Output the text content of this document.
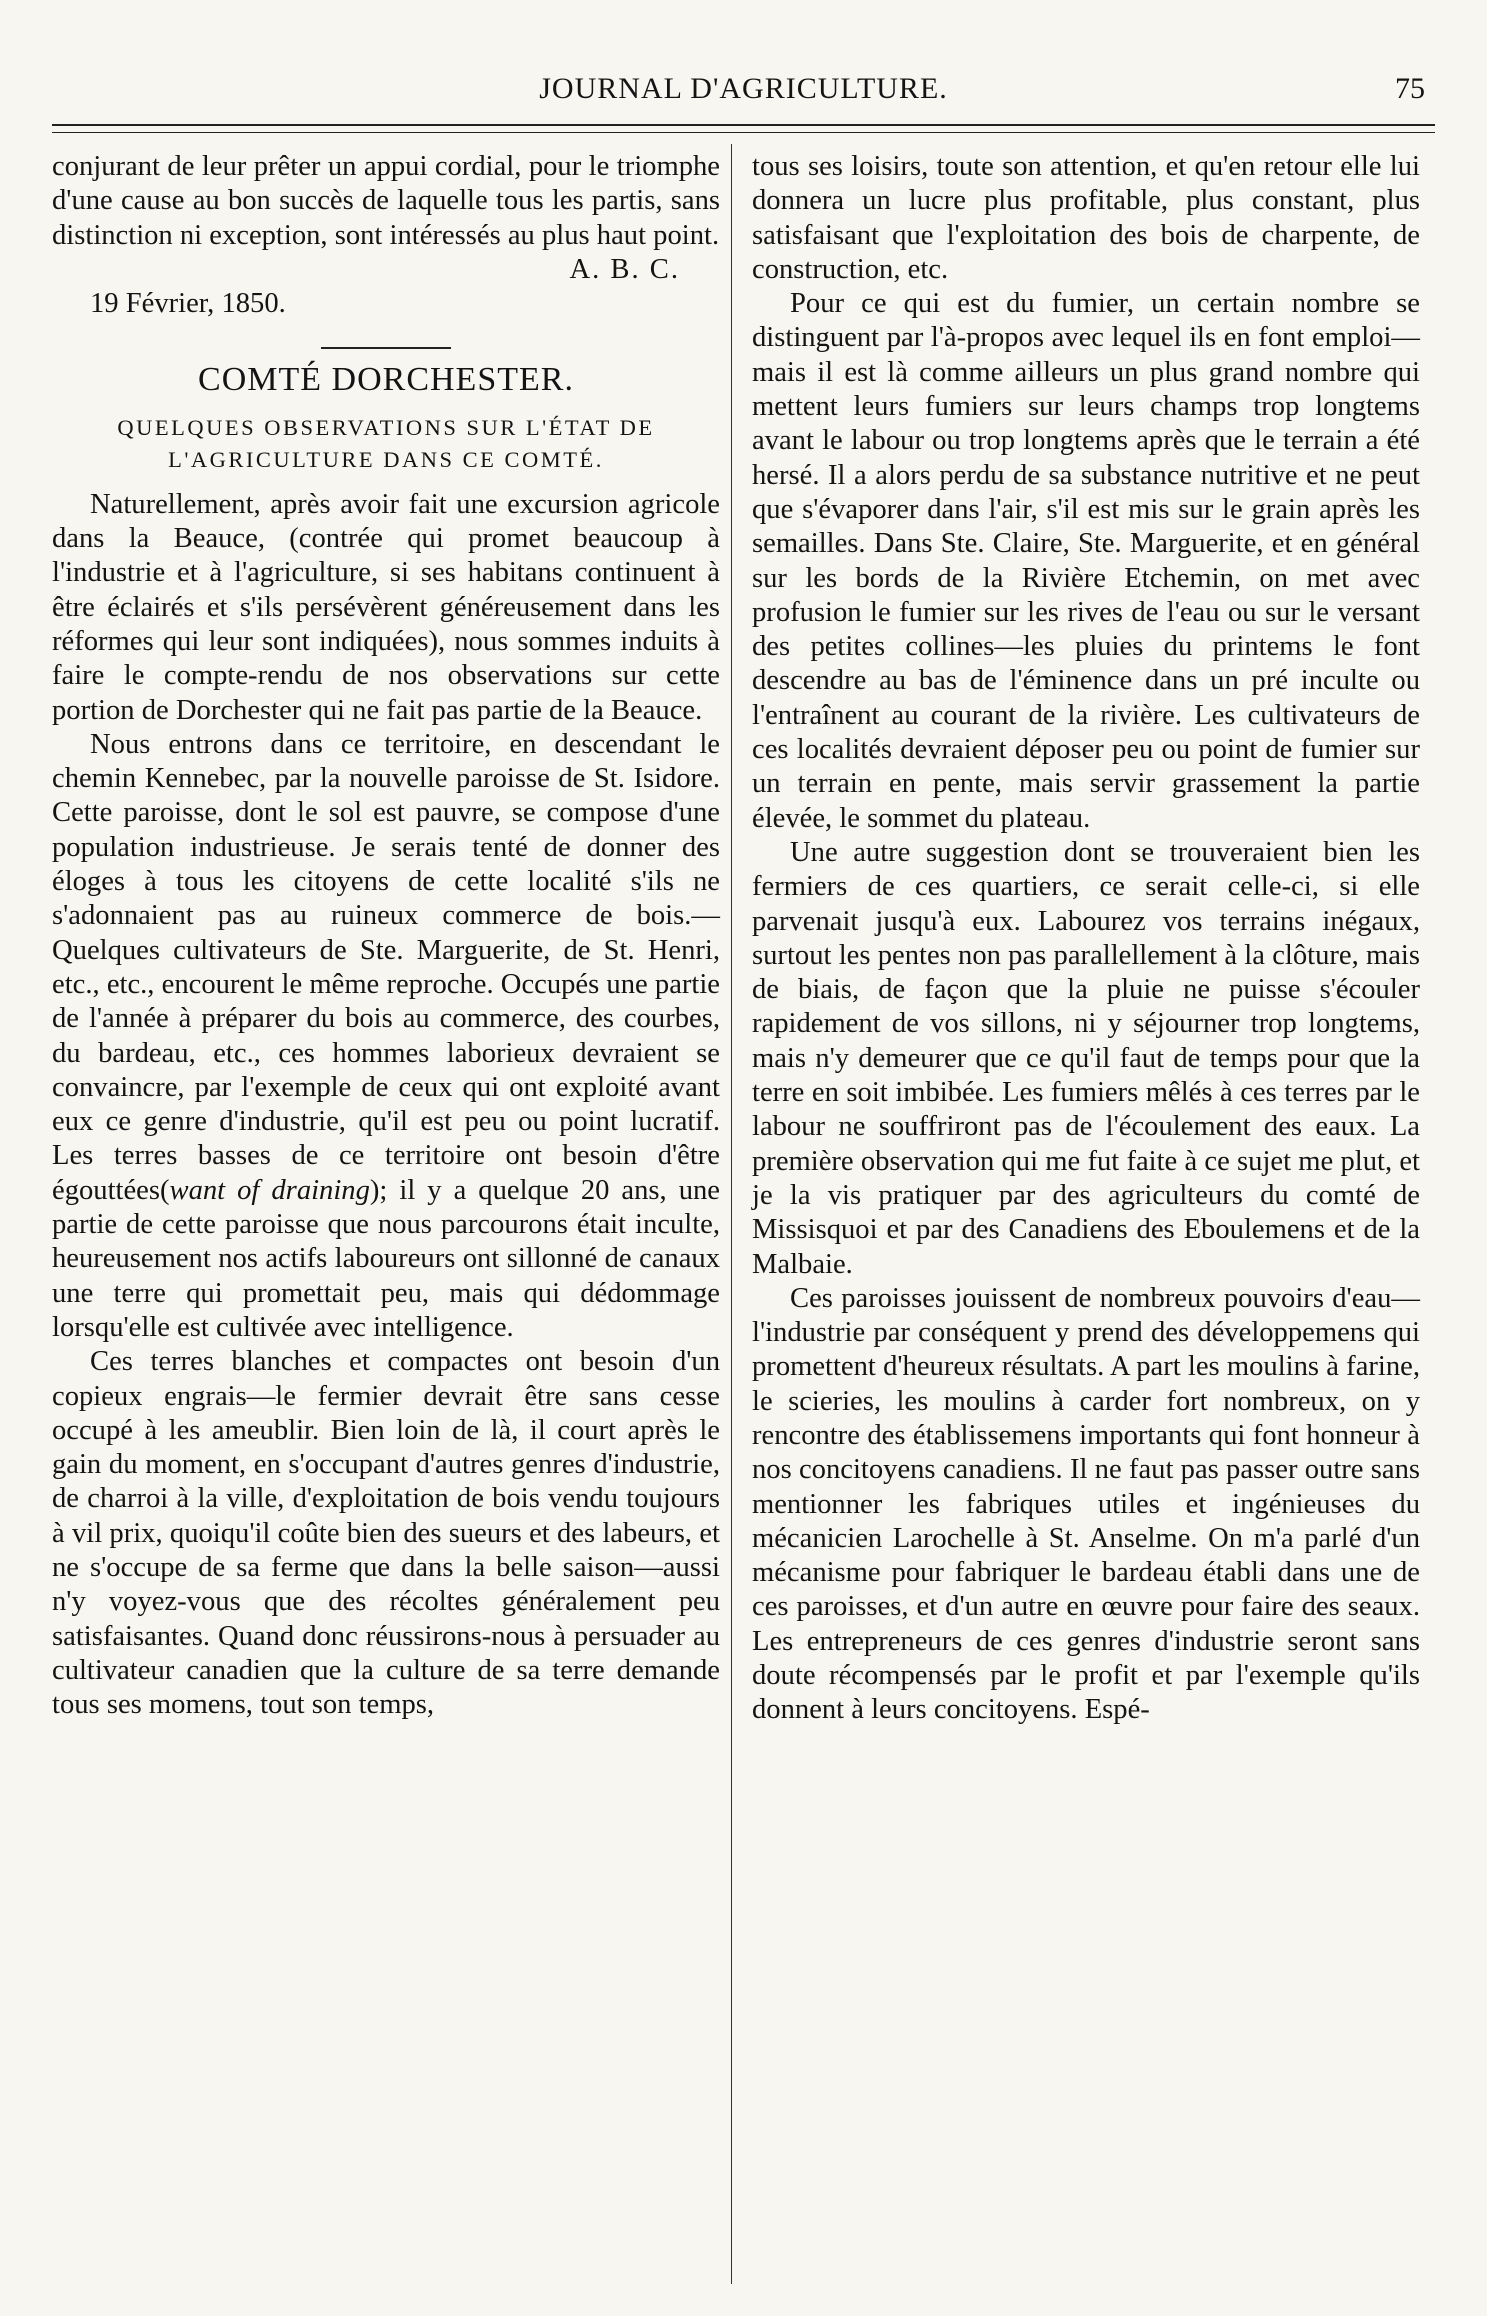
JOURNAL D'AGRICULTURE.	75

conjurant de leur prêter un appui cordial, pour le triomphe d'une cause au bon succès de laquelle tous les partis, sans distinction ni exception, sont intéressés au plus haut point.

A. B. C.

19 Février, 1850.

COMTÉ DORCHESTER.
QUELQUES OBSERVATIONS SUR L'ÉTAT DE
L'AGRICULTURE DANS CE COMTÉ.

Naturellement, après avoir fait une excursion agricole dans la Beauce, (contrée qui promet beaucoup à l'industrie et à l'agriculture, si ses habitans continuent à être éclairés et s'ils persévèrent généreusement dans les réformes qui leur sont indiquées), nous sommes induits à faire le compte-rendu de nos observations sur cette portion de Dorchester qui ne fait pas partie de la Beauce.

Nous entrons dans ce territoire, en descendant le chemin Kennebec, par la nouvelle paroisse de St. Isidore. Cette paroisse, dont le sol est pauvre, se compose d'une population industrieuse. Je serais tenté de donner des éloges à tous les citoyens de cette localité s'ils ne s'adonnaient pas au ruineux commerce de bois.—Quelques cultivateurs de Ste. Marguerite, de St. Henri, etc., etc., encourent le même reproche. Occupés une partie de l'année à préparer du bois au commerce, des courbes, du bardeau, etc., ces hommes laborieux devraient se convaincre, par l'exemple de ceux qui ont exploité avant eux ce genre d'industrie, qu'il est peu ou point lucratif. Les terres basses de ce territoire ont besoin d'être égouttées(want of draining); il y a quelque 20 ans, une partie de cette paroisse que nous parcourons était inculte, heureusement nos actifs laboureurs ont sillonné de canaux une terre qui promettait peu, mais qui dédommage lorsqu'elle est cultivée avec intelligence.

Ces terres blanches et compactes ont besoin d'un copieux engrais—le fermier devrait être sans cesse occupé à les ameublir. Bien loin de là, il court après le gain du moment, en s'occupant d'autres genres d'industrie, de charroi à la ville, d'exploitation de bois vendu toujours à vil prix, quoiqu'il coûte bien des sueurs et des labeurs, et ne s'occupe de sa ferme que dans la belle saison—aussi n'y voyez-vous que des récoltes généralement peu satisfaisantes. Quand donc réussirons-nous à persuader au cultivateur canadien que la culture de sa terre demande tous ses momens, tout son temps,

tous ses loisirs, toute son attention, et qu'en retour elle lui donnera un lucre plus profitable, plus constant, plus satisfaisant que l'exploitation des bois de charpente, de construction, etc.

Pour ce qui est du fumier, un certain nombre se distinguent par l'à-propos avec lequel ils en font emploi—mais il est là comme ailleurs un plus grand nombre qui mettent leurs fumiers sur leurs champs trop longtems avant le labour ou trop longtems après que le terrain a été hersé. Il a alors perdu de sa substance nutritive et ne peut que s'évaporer dans l'air, s'il est mis sur le grain après les semailles. Dans Ste. Claire, Ste. Marguerite, et en général sur les bords de la Rivière Etchemin, on met avec profusion le fumier sur les rives de l'eau ou sur le versant des petites collines—les pluies du printems le font descendre au bas de l'éminence dans un pré inculte ou l'entraînent au courant de la rivière. Les cultivateurs de ces localités devraient déposer peu ou point de fumier sur un terrain en pente, mais servir grassement la partie élevée, le sommet du plateau.

Une autre suggestion dont se trouveraient bien les fermiers de ces quartiers, ce serait celle-ci, si elle parvenait jusqu'à eux. Labourez vos terrains inégaux, surtout les pentes non pas parallellement à la clôture, mais de biais, de façon que la pluie ne puisse s'écouler rapidement de vos sillons, ni y séjourner trop longtems, mais n'y demeurer que ce qu'il faut de temps pour que la terre en soit imbibée. Les fumiers mêlés à ces terres par le labour ne souffriront pas de l'écoulement des eaux. La première observation qui me fut faite à ce sujet me plut, et je la vis pratiquer par des agriculteurs du comté de Missisquoi et par des Canadiens des Eboulemens et de la Malbaie.

Ces paroisses jouissent de nombreux pouvoirs d'eau—l'industrie par conséquent y prend des développemens qui promettent d'heureux résultats. A part les moulins à farine, le scieries, les moulins à carder fort nombreux, on y rencontre des établissemens importants qui font honneur à nos concitoyens canadiens. Il ne faut pas passer outre sans mentionner les fabriques utiles et ingénieuses du mécanicien Larochelle à St. Anselme. On m'a parlé d'un mécanisme pour fabriquer le bardeau établi dans une de ces paroisses, et d'un autre en œuvre pour faire des seaux. Les entrepreneurs de ces genres d'industrie seront sans doute récompensés par le profit et par l'exemple qu'ils donnent à leurs concitoyens. Espé-
